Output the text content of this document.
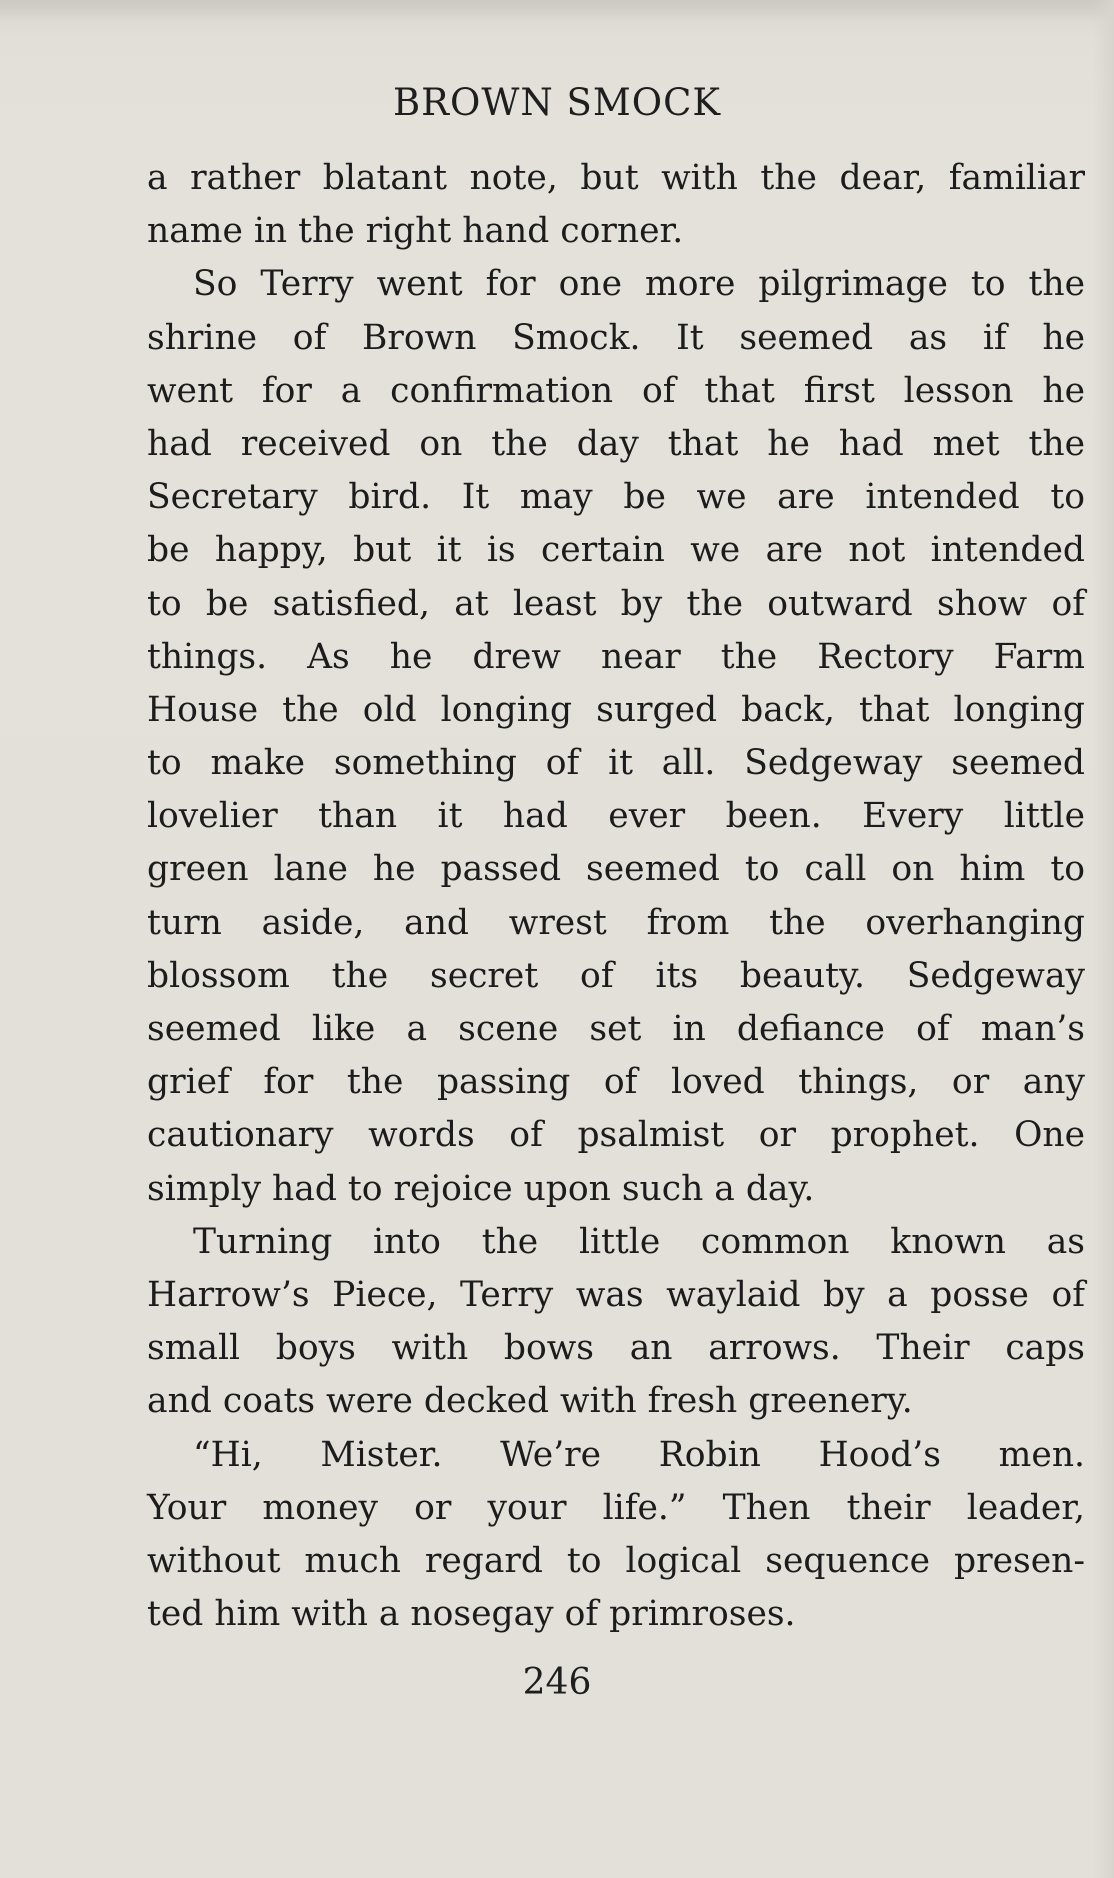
BROWN SMOCK
a rather blatant note, but with the dear, familiar
name in the right hand corner.
So Terry went for one more pilgrimage to the
shrine of Brown Smock. It seemed as if he
went for a confirmation of that first lesson he
had received on the day that he had met the
Secretary bird. It may be we are intended to
be happy, but it is certain we are not intended
to be satisfied, at least by the outward show of
things. As he drew near the Rectory Farm
House the old longing surged back, that longing
to make something of it all. Sedgeway seemed
lovelier than it had ever been. Every little
green lane he passed seemed to call on him to
turn aside, and wrest from the overhanging
blossom the secret of its beauty. Sedgeway
seemed like a scene set in defiance of man’s
grief for the passing of loved things, or any
cautionary words of psalmist or prophet. One
simply had to rejoice upon such a day.
Turning into the little common known as
Harrow’s Piece, Terry was waylaid by a posse of
small boys with bows an arrows. Their caps
and coats were decked with fresh greenery.
“Hi, Mister. We’re Robin Hood’s men.
Your money or your life.” Then their leader,
without much regard to logical sequence presen-
ted him with a nosegay of primroses.
246
